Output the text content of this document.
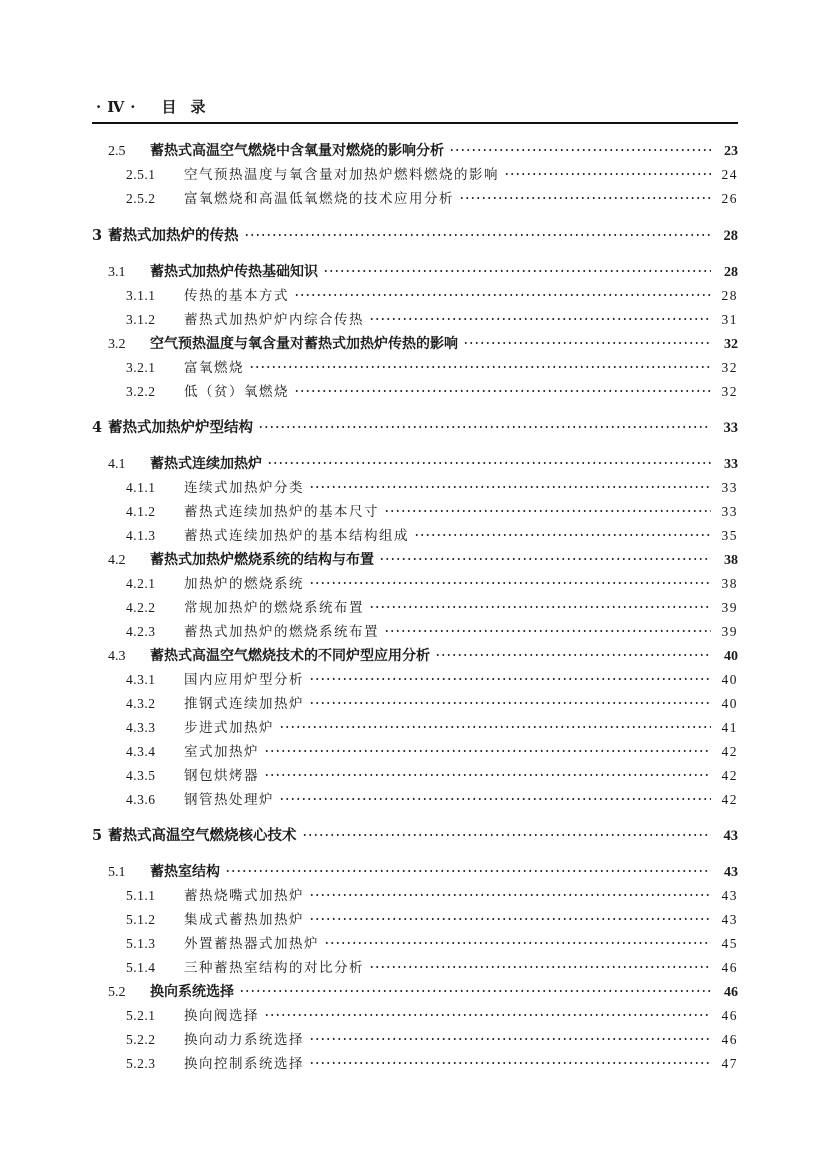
· Ⅳ · 目录
2.5	蓄热式高温空气燃烧中含氧量对燃烧的影响分析	23
2.5.1	空气预热温度与氧含量对加热炉燃料燃烧的影响	24
2.5.2	富氧燃烧和高温低氧燃烧的技术应用分析	26
3 蓄热式加热炉的传热	28
3.1	蓄热式加热炉传热基础知识	28
3.1.1	传热的基本方式	28
3.1.2	蓄热式加热炉炉内综合传热	31
3.2	空气预热温度与氧含量对蓄热式加热炉传热的影响	32
3.2.1	富氧燃烧	32
3.2.2	低（贫）氧燃烧	32
4 蓄热式加热炉炉型结构	33
4.1	蓄热式连续加热炉	33
4.1.1	连续式加热炉分类	33
4.1.2	蓄热式连续加热炉的基本尺寸	33
4.1.3	蓄热式连续加热炉的基本结构组成	35
4.2	蓄热式加热炉燃烧系统的结构与布置	38
4.2.1	加热炉的燃烧系统	38
4.2.2	常规加热炉的燃烧系统布置	39
4.2.3	蓄热式加热炉的燃烧系统布置	39
4.3	蓄热式高温空气燃烧技术的不同炉型应用分析	40
4.3.1	国内应用炉型分析	40
4.3.2	推钢式连续加热炉	40
4.3.3	步进式加热炉	41
4.3.4	室式加热炉	42
4.3.5	钢包烘烤器	42
4.3.6	钢管热处理炉	42
5 蓄热式高温空气燃烧核心技术	43
5.1	蓄热室结构	43
5.1.1	蓄热烧嘴式加热炉	43
5.1.2	集成式蓄热加热炉	43
5.1.3	外置蓄热器式加热炉	45
5.1.4	三种蓄热室结构的对比分析	46
5.2	换向系统选择	46
5.2.1	换向阀选择	46
5.2.2	换向动力系统选择	46
5.2.3	换向控制系统选择	47
